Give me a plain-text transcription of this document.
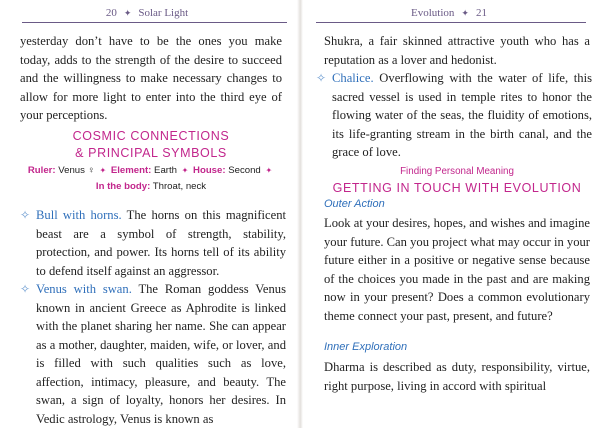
20 ✦ Solar Light

yesterday don’t have to be the ones you make today, adds to the strength of the desire to succeed and the willingness to make necessary changes to allow for more light to enter into the third eye of your perceptions.

COSMIC CONNECTIONS
& PRINCIPAL SYMBOLS
Ruler: Venus ♀ ✦ Element: Earth ✦ House: Second ✦
In the body: Throat, neck
✧ Bull with horns. The horns on this magnificent beast are a symbol of strength, stability, protection, and power. Its horns tell of its ability to defend itself against an aggressor.
✧ Venus with swan. The Roman goddess Venus known in ancient Greece as Aphrodite is linked with the planet sharing her name. She can appear as a mother, daughter, maiden, wife, or lover, and is filled with such qualities such as love, affection, intimacy, pleasure, and beauty. The swan, a sign of loyalty, honors her desires. In Vedic astrology, Venus is known as
Evolution ✦ 21

Shukra, a fair skinned attractive youth who has a reputation as a lover and hedonist.

✧ Chalice. Overflowing with the water of life, this sacred vessel is used in temple rites to honor the flowing water of the seas, the fluidity of emotions, its life-granting stream in the birth canal, and the grace of love.
Finding Personal Meaning
GETTING IN TOUCH WITH EVOLUTION
Outer Action

Look at your desires, hopes, and wishes and imagine your future. Can you project what may occur in your future either in a positive or negative sense because of the choices you made in the past and are making now in your present? Does a common evolutionary theme connect your past, present, and future?

Inner Exploration

Dharma is described as duty, responsibility, virtue, right purpose, living in accord with spiritual
